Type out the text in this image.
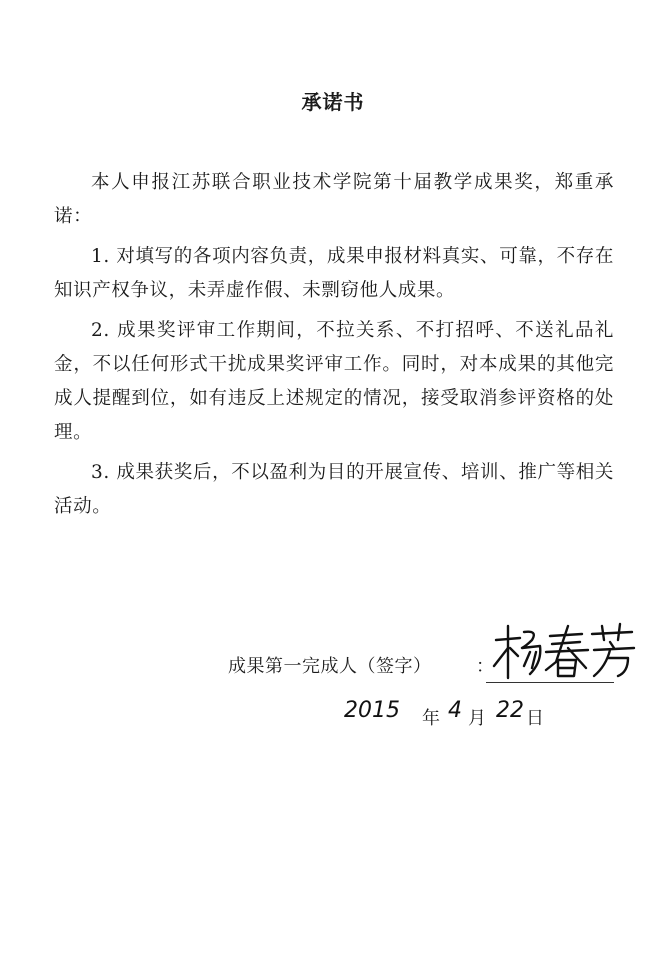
承诺书

本人申报江苏联合职业技术学院第十届教学成果奖，郑重承诺：

1. 对填写的各项内容负责，成果申报材料真实、可靠，不存在知识产权争议，未弄虚作假、未剽窃他人成果。

2. 成果奖评审工作期间，不拉关系、不打招呼、不送礼品礼金，不以任何形式干扰成果奖评审工作。同时，对本成果的其他完成人提醒到位，如有违反上述规定的情况，接受取消参评资格的处理。

3. 成果获奖后，不以盈利为目的开展宣传、培训、推广等相关活动。

成果第一完成人（签字） ：
2015 年 4 月 22 日
